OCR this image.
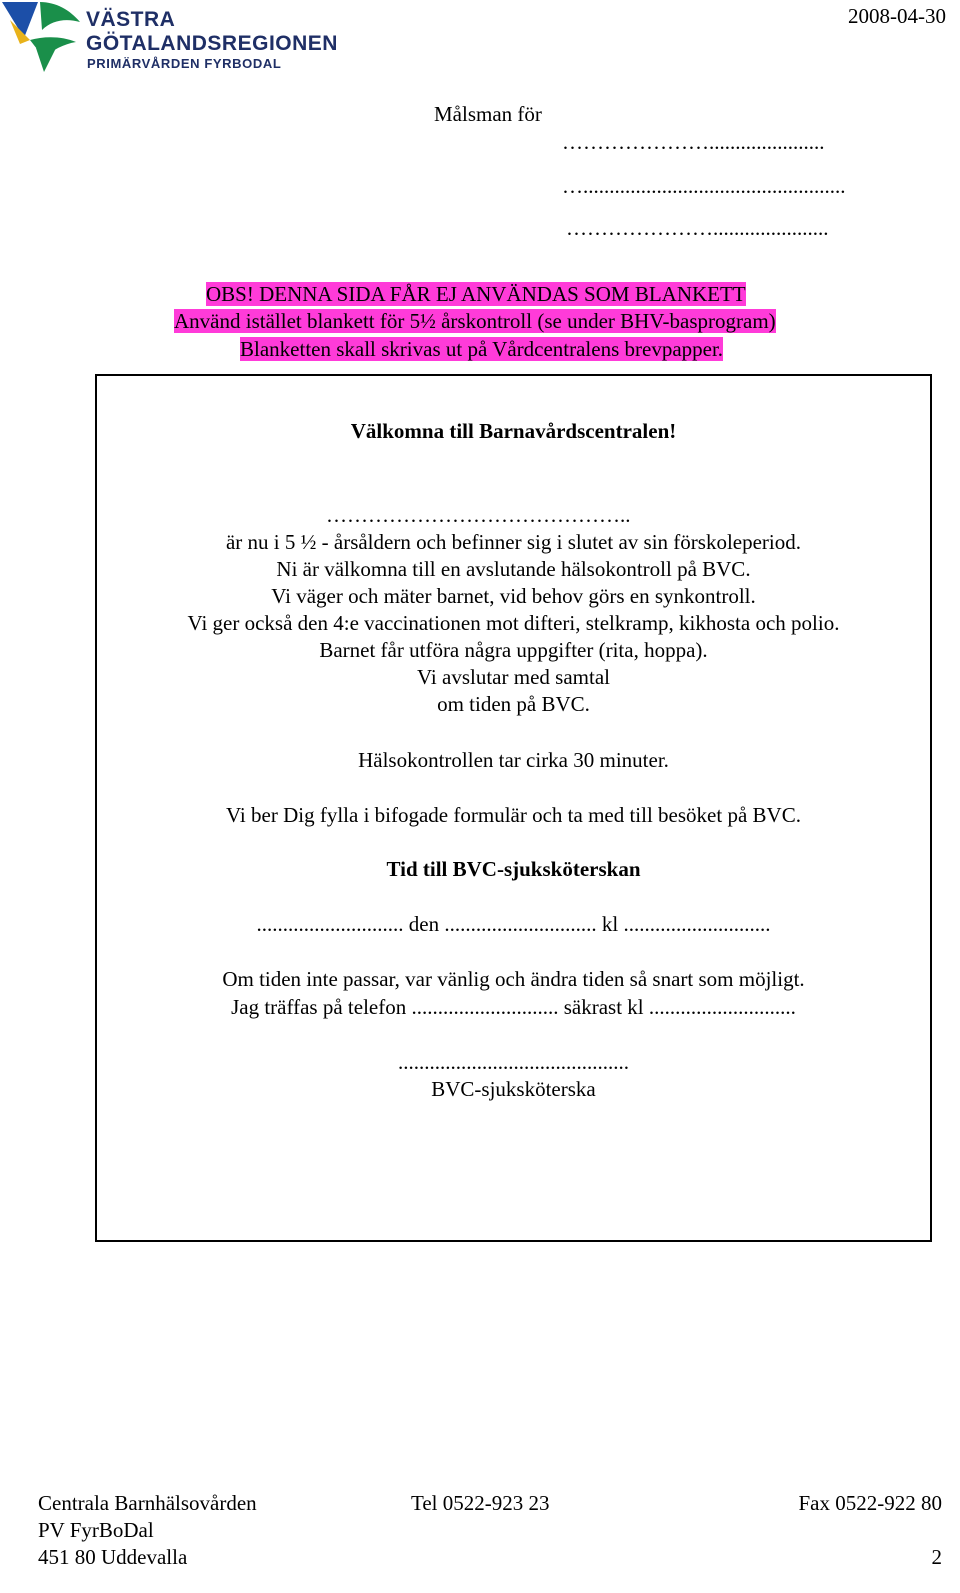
VÄSTRA
GÖTALANDSREGIONEN
PRIMÄRVÅRDEN FYRBODAL
2008-04-30
Målsman för
…………………......................
…..................................................
…………………......................
OBS! DENNA SIDA FÅR EJ ANVÄNDAS SOM BLANKETT
Använd istället blankett för 5½ årskontroll (se under BHV-basprogram)
Blanketten skall skrivas ut på Vårdcentralens brevpapper.
Välkomna till Barnavårdscentralen!
……………………………………..
är nu i 5 ½ - årsåldern och befinner sig i slutet av sin förskoleperiod.
Ni är välkomna till en avslutande hälsokontroll på BVC.
Vi väger och mäter barnet, vid behov görs en synkontroll.
Vi ger också den 4:e vaccinationen mot difteri, stelkramp, kikhosta och polio.
Barnet får utföra några uppgifter (rita, hoppa).
Vi avslutar med samtal
om tiden på BVC.
Hälsokontrollen tar cirka 30 minuter.
Vi ber Dig fylla i bifogade formulär och ta med till besöket på BVC.
Tid till BVC-sjuksköterskan
............................ den ............................. kl ............................
Om tiden inte passar, var vänlig och ändra tiden så snart som möjligt.
Jag träffas på telefon ............................ säkrast kl ............................
............................................
BVC-sjuksköterska
Centrala Barnhälsovården	Tel 0522-923 23	Fax 0522-922 80
PV FyrBoDal
451 80 Uddevalla	2
